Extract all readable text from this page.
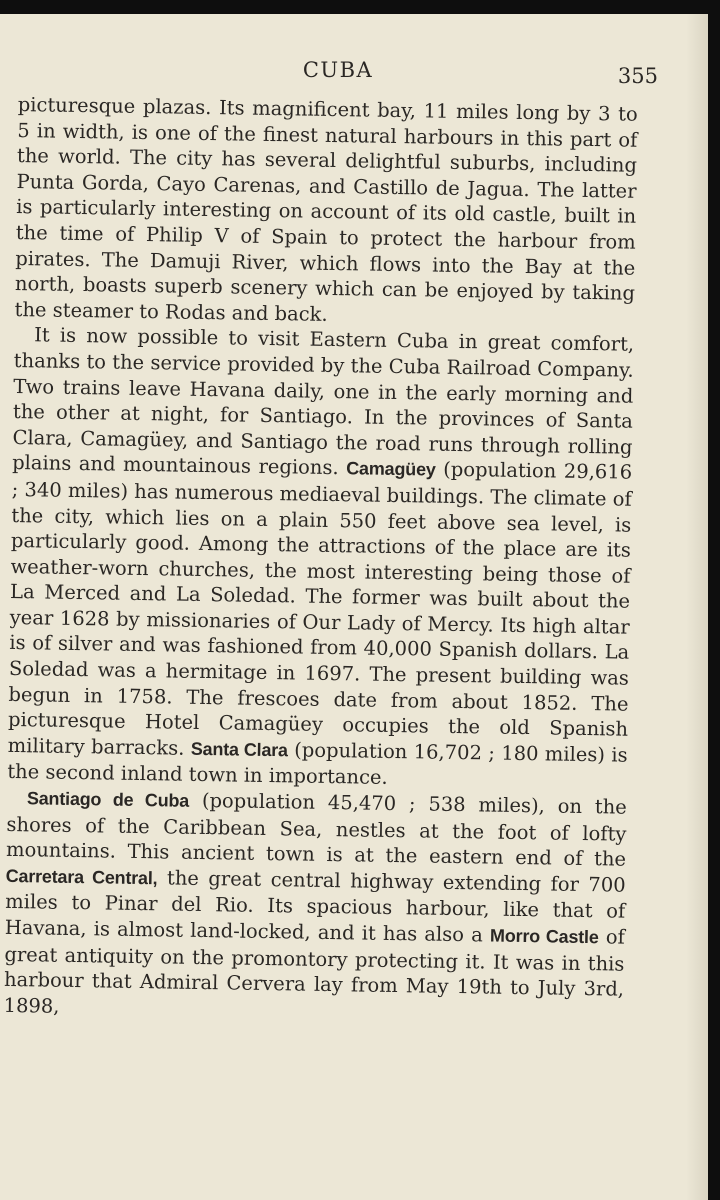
CUBA	355

picturesque plazas. Its magnificent bay, 11 miles long by 3 to 5 in width, is one of the finest natural harbours in this part of the world. The city has several delightful suburbs, including Punta Gorda, Cayo Carenas, and Castillo de Jagua. The latter is particularly interesting on account of its old castle, built in the time of Philip V of Spain to protect the harbour from pirates. The Damuji River, which flows into the Bay at the north, boasts superb scenery which can be enjoyed by taking the steamer to Rodas and back.

It is now possible to visit Eastern Cuba in great comfort, thanks to the service provided by the Cuba Railroad Company. Two trains leave Havana daily, one in the early morning and the other at night, for Santiago. In the provinces of Santa Clara, Camagüey, and Santiago the road runs through rolling plains and mountainous regions. Camagüey (population 29,616 ; 340 miles) has numerous mediaeval buildings. The climate of the city, which lies on a plain 550 feet above sea level, is particularly good. Among the attractions of the place are its weather-worn churches, the most interesting being those of La Merced and La Soledad. The former was built about the year 1628 by missionaries of Our Lady of Mercy. Its high altar is of silver and was fashioned from 40,000 Spanish dollars. La Soledad was a hermitage in 1697. The present building was begun in 1758. The frescoes date from about 1852. The picturesque Hotel Camagüey occupies the old Spanish military barracks. Santa Clara (population 16,702 ; 180 miles) is the second inland town in importance.

Santiago de Cuba (population 45,470 ; 538 miles), on the shores of the Caribbean Sea, nestles at the foot of lofty mountains. This ancient town is at the eastern end of the Carretara Central, the great central highway extending for 700 miles to Pinar del Rio. Its spacious harbour, like that of Havana, is almost land-locked, and it has also a Morro Castle of great antiquity on the promontory protecting it. It was in this harbour that Admiral Cervera lay from May 19th to July 3rd, 1898,
